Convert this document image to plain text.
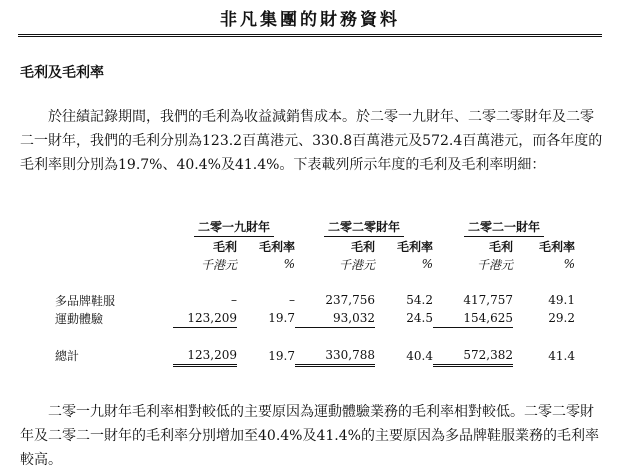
非凡集團的財務資料
毛利及毛利率

於往績記錄期間，我們的毛利為收益減銷售成本。於二零一九財年、二零二零財年及二零二一財年，我們的毛利分別為123.2百萬港元、330.8百萬港元及572.4百萬港元，而各年度的毛利率則分別為19.7%、40.4%及41.4%。下表載列所示年度的毛利及毛利率明細：

	二零一九財年		二零二零財年		二零二一財年	
	毛利	毛利率	毛利	毛利率	毛利	毛利率
	千港元	%	千港元	%	千港元	%

多品牌鞋服	–	–	237,756	54.2	417,757	49.1
運動體驗	123,209	19.7	93,032	24.5	154,625	29.2

總計	123,209	19.7	330,788	40.4	572,382	41.4

二零一九財年毛利率相對較低的主要原因為運動體驗業務的毛利率相對較低。二零二零財年及二零二一財年的毛利率分別增加至40.4%及41.4%的主要原因為多品牌鞋服業務的毛利率較高。
